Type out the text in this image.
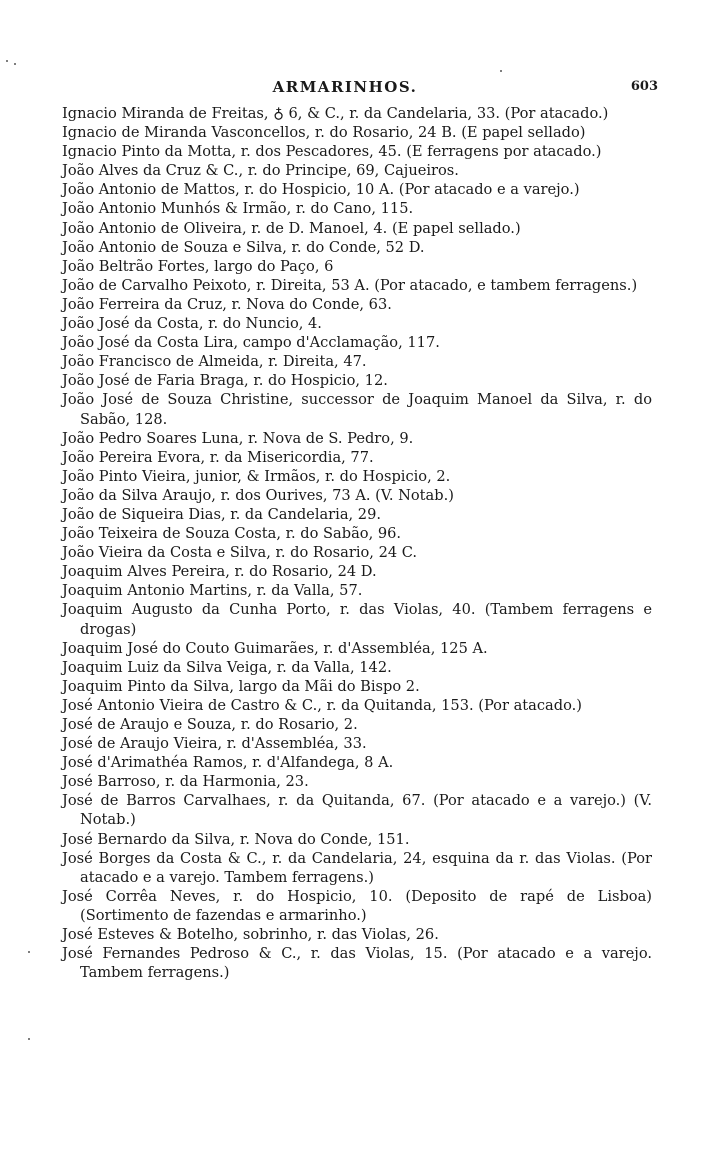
ARMARINHOS.	603
Ignacio Miranda de Freitas, ♁ 6, & C., r. da Candelaria, 33. (Por atacado.)
Ignacio de Miranda Vasconcellos, r. do Rosario, 24 B. (E papel sellado)
Ignacio Pinto da Motta, r. dos Pescadores, 45. (E ferragens por atacado.)
João Alves da Cruz & C., r. do Principe, 69, Cajueiros.
João Antonio de Mattos, r. do Hospicio, 10 A. (Por atacado e a varejo.)
João Antonio Munhós & Irmão, r. do Cano, 115.
João Antonio de Oliveira, r. de D. Manoel, 4. (E papel sellado.)
João Antonio de Souza e Silva, r. do Conde, 52 D.
João Beltrão Fortes, largo do Paço, 6
João de Carvalho Peixoto, r. Direita, 53 A. (Por atacado, e tambem ferragens.)
João Ferreira da Cruz, r. Nova do Conde, 63.
João José da Costa, r. do Nuncio, 4.
João José da Costa Lira, campo d'Acclamação, 117.
João Francisco de Almeida, r. Direita, 47.
João José de Faria Braga, r. do Hospicio, 12.
João José de Souza Christine, successor de Joaquim Manoel da Silva, r. do Sabão, 128.
João Pedro Soares Luna, r. Nova de S. Pedro, 9.
João Pereira Evora, r. da Misericordia, 77.
João Pinto Vieira, junior, & Irmãos, r. do Hospicio, 2.
João da Silva Araujo, r. dos Ourives, 73 A. (V. Notab.)
João de Siqueira Dias, r. da Candelaria, 29.
João Teixeira de Souza Costa, r. do Sabão, 96.
João Vieira da Costa e Silva, r. do Rosario, 24 C.
Joaquim Alves Pereira, r. do Rosario, 24 D.
Joaquim Antonio Martins, r. da Valla, 57.
Joaquim Augusto da Cunha Porto, r. das Violas, 40. (Tambem ferragens e drogas)
Joaquim José do Couto Guimarães, r. d'Assembléa, 125 A.
Joaquim Luiz da Silva Veiga, r. da Valla, 142.
Joaquim Pinto da Silva, largo da Mãi do Bispo 2.
José Antonio Vieira de Castro & C., r. da Quitanda, 153. (Por atacado.)
José de Araujo e Souza, r. do Rosario, 2.
José de Araujo Vieira, r. d'Assembléa, 33.
José d'Arimathéa Ramos, r. d'Alfandega, 8 A.
José Barroso, r. da Harmonia, 23.
José de Barros Carvalhaes, r. da Quitanda, 67. (Por atacado e a varejo.) (V. Notab.)
José Bernardo da Silva, r. Nova do Conde, 151.
José Borges da Costa & C., r. da Candelaria, 24, esquina da r. das Violas. (Por atacado e a varejo. Tambem ferragens.)
José Corrêa Neves, r. do Hospicio, 10. (Deposito de rapé de Lisboa) (Sortimento de fazendas e armarinho.)
José Esteves & Botelho, sobrinho, r. das Violas, 26.
José Fernandes Pedroso & C., r. das Violas, 15. (Por atacado e a varejo. Tambem ferragens.)
